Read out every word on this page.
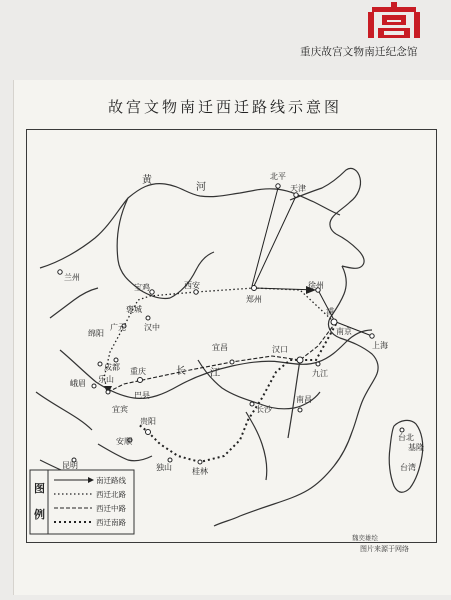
重庆故宫文物南迁纪念馆
故宫文物南迁西迁路线示意图
黄
河
长 江
北平
天津
郑州
徐州
浦
南京
上海
兰州
宝鸡	西安
褒城
汉中
广元
成都
绵阳
峨眉 乐山
宜宾
重庆
巴县
宜昌	汉口
九江
南昌
长沙
贵阳
安顺
独山	桂林
昆明
台北
基隆
台湾
图
例
南迁路线
西迁北路
西迁中路
西迁南路
魏奕雄绘
图片来源于网络
